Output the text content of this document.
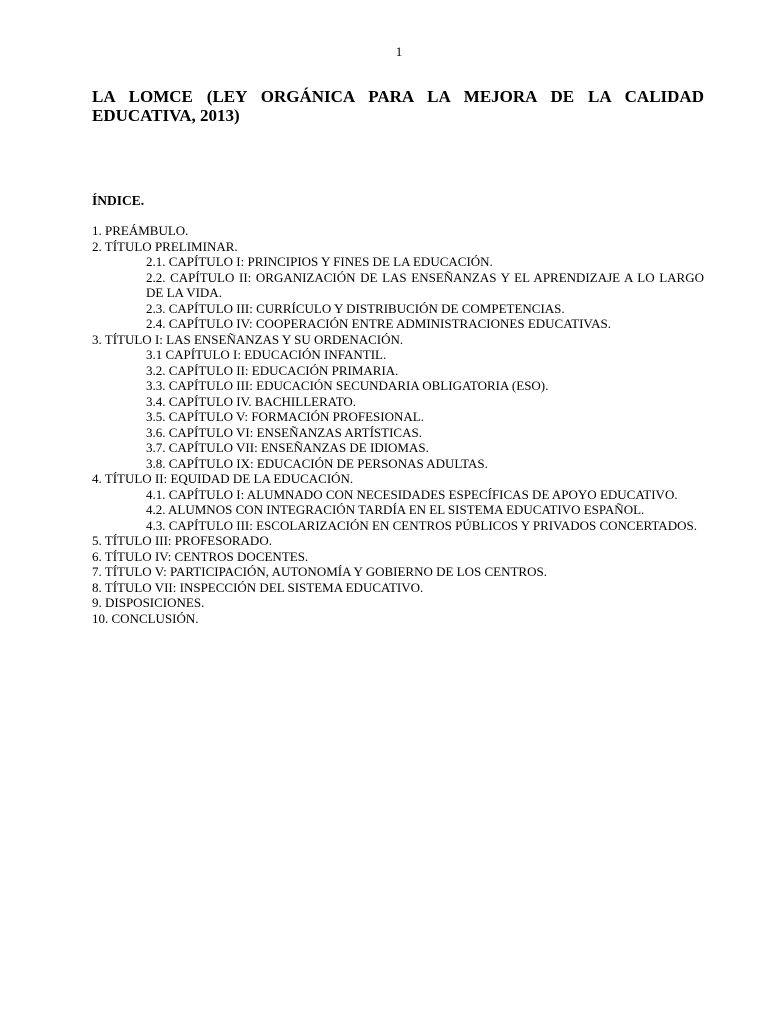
1
LA LOMCE (LEY ORGÁNICA PARA LA MEJORA DE LA CALIDAD EDUCATIVA, 2013)
ÍNDICE.
1. PREÁMBULO.
2. TÍTULO PRELIMINAR.
2.1. CAPÍTULO I: PRINCIPIOS Y FINES DE LA EDUCACIÓN.
2.2. CAPÍTULO II: ORGANIZACIÓN DE LAS ENSEÑANZAS Y EL APRENDIZAJE A LO LARGO DE LA VIDA.
2.3. CAPÍTULO III: CURRÍCULO Y DISTRIBUCIÓN DE COMPETENCIAS.
2.4. CAPÍTULO IV: COOPERACIÓN ENTRE ADMINISTRACIONES EDUCATIVAS.
3. TÍTULO I: LAS ENSEÑANZAS Y SU ORDENACIÓN.
3.1 CAPÍTULO I: EDUCACIÓN INFANTIL.
3.2. CAPÍTULO II: EDUCACIÓN PRIMARIA.
3.3. CAPÍTULO III: EDUCACIÓN SECUNDARIA OBLIGATORIA (ESO).
3.4. CAPÍTULO IV. BACHILLERATO.
3.5. CAPÍTULO V: FORMACIÓN PROFESIONAL.
3.6. CAPÍTULO VI: ENSEÑANZAS ARTÍSTICAS.
3.7. CAPÍTULO VII: ENSEÑANZAS DE IDIOMAS.
3.8. CAPÍTULO IX: EDUCACIÓN DE PERSONAS ADULTAS.
4. TÍTULO II: EQUIDAD DE LA EDUCACIÓN.
4.1. CAPÍTULO I: ALUMNADO CON NECESIDADES ESPECÍFICAS DE APOYO EDUCATIVO.
4.2. ALUMNOS CON INTEGRACIÓN TARDÍA EN EL SISTEMA EDUCATIVO ESPAÑOL.
4.3. CAPÍTULO III: ESCOLARIZACIÓN EN CENTROS PÚBLICOS Y PRIVADOS CONCERTADOS.
5. TÍTULO III: PROFESORADO.
6. TÍTULO IV: CENTROS DOCENTES.
7. TÍTULO V: PARTICIPACIÓN, AUTONOMÍA Y GOBIERNO DE LOS CENTROS.
8. TÍTULO VII: INSPECCIÓN DEL SISTEMA EDUCATIVO.
9. DISPOSICIONES.
10. CONCLUSIÓN.
